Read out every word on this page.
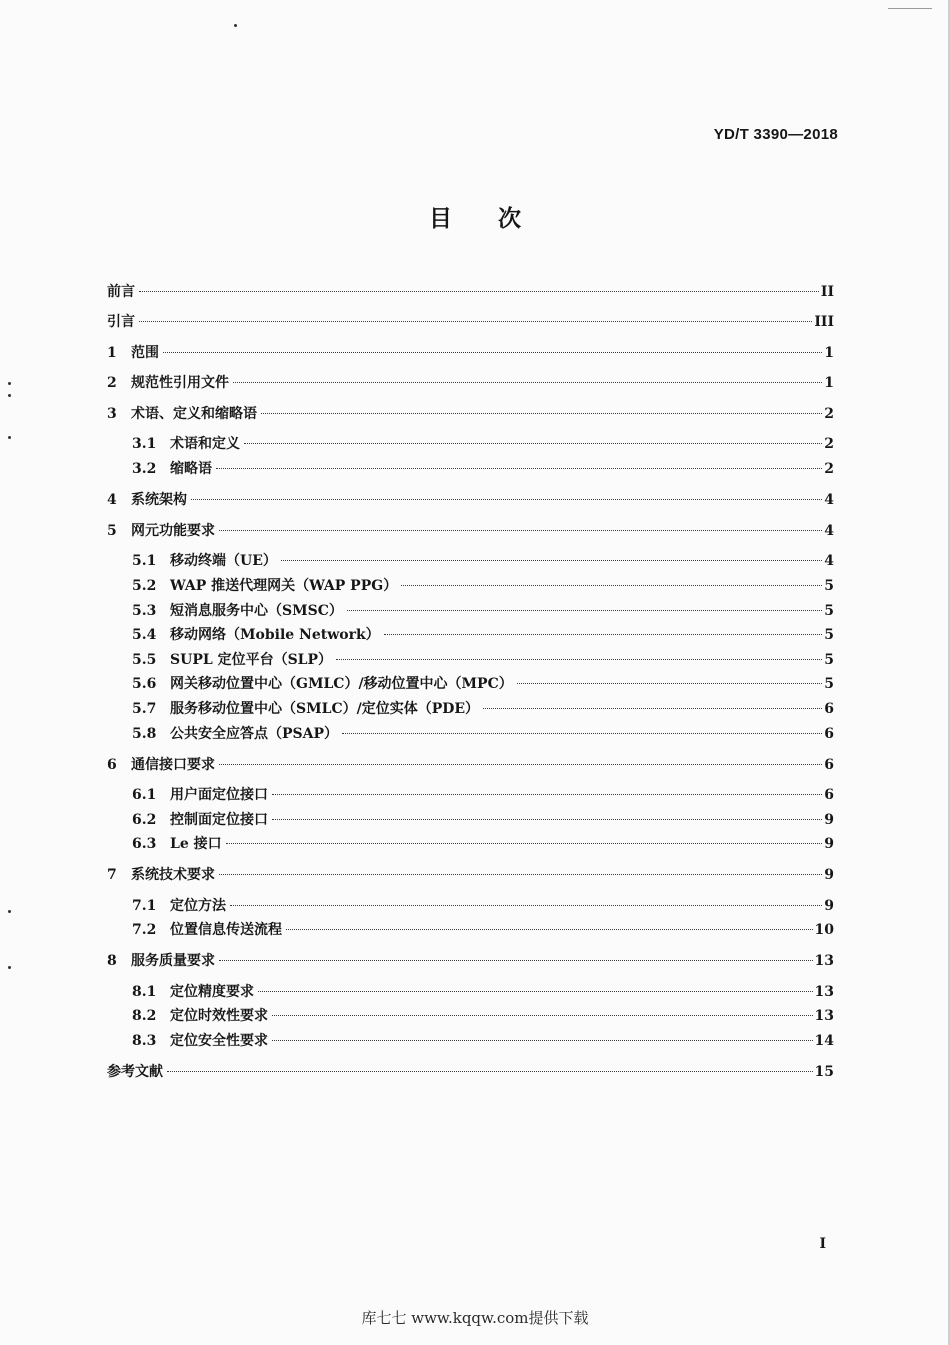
YD/T 3390—2018
目次
前言	II
引言	III
1	范围	1
2	规范性引用文件	1
3	术语、定义和缩略语	2
3.1 术语和定义	2
3.2 缩略语	2
4	系统架构	4
5	网元功能要求	4
5.1 移动终端（UE）	4
5.2 WAP 推送代理网关（WAP PPG）	5
5.3 短消息服务中心（SMSC）	5
5.4 移动网络（Mobile Network）	5
5.5 SUPL 定位平台（SLP）	5
5.6 网关移动位置中心（GMLC）/移动位置中心（MPC）	5
5.7 服务移动位置中心（SMLC）/定位实体（PDE）	6
5.8 公共安全应答点（PSAP）	6
6	通信接口要求	6
6.1 用户面定位接口	6
6.2 控制面定位接口	9
6.3 Le 接口	9
7	系统技术要求	9
7.1 定位方法	9
7.2 位置信息传送流程	10
8	服务质量要求	13
8.1 定位精度要求	13
8.2 定位时效性要求	13
8.3 定位安全性要求	14
参考文献	15
I
库七七 www.kqqw.com提供下载
